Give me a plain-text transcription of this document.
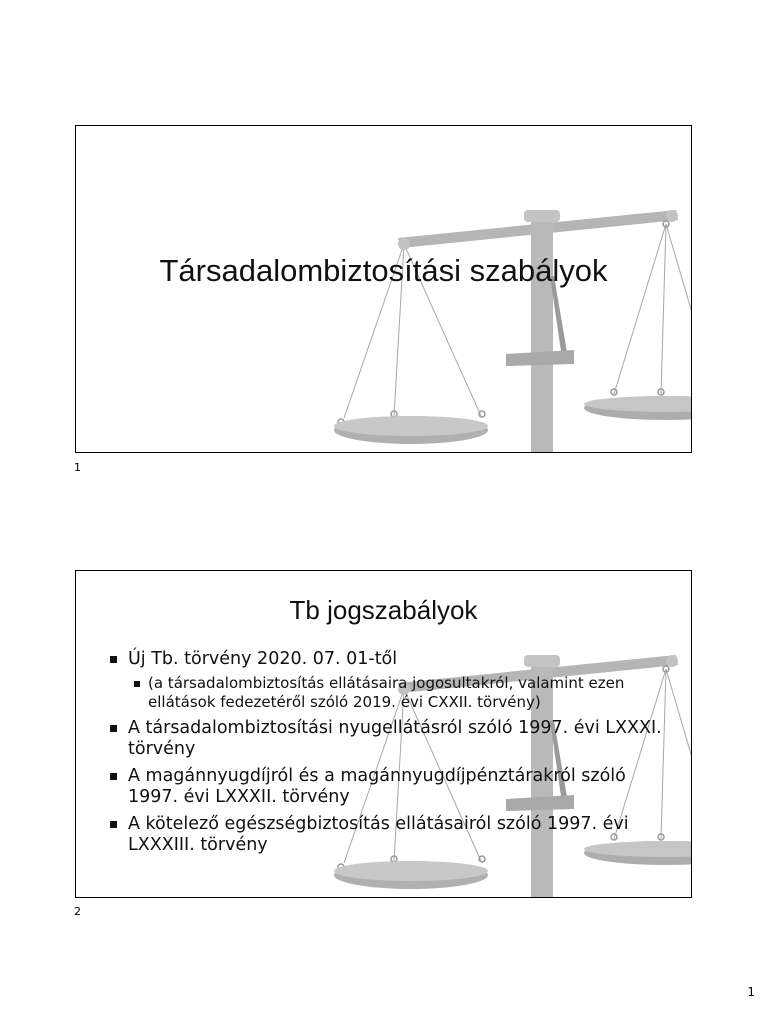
Társadalombiztosítási szabályok
1
Tb jogszabályok
Új Tb. törvény 2020. 07. 01-től
(a társadalombiztosítás ellátásaira jogosultakról, valamint ezen ellátások fedezetéről szóló 2019. évi CXXII. törvény)
A társadalombiztosítási nyugellátásról szóló 1997. évi LXXXI. törvény
A magánnyugdíjról és a magánnyugdíjpénztárakról szóló 1997. évi LXXXII. törvény
A kötelező egészségbiztosítás ellátásairól szóló 1997. évi LXXXIII. törvény
2
1
